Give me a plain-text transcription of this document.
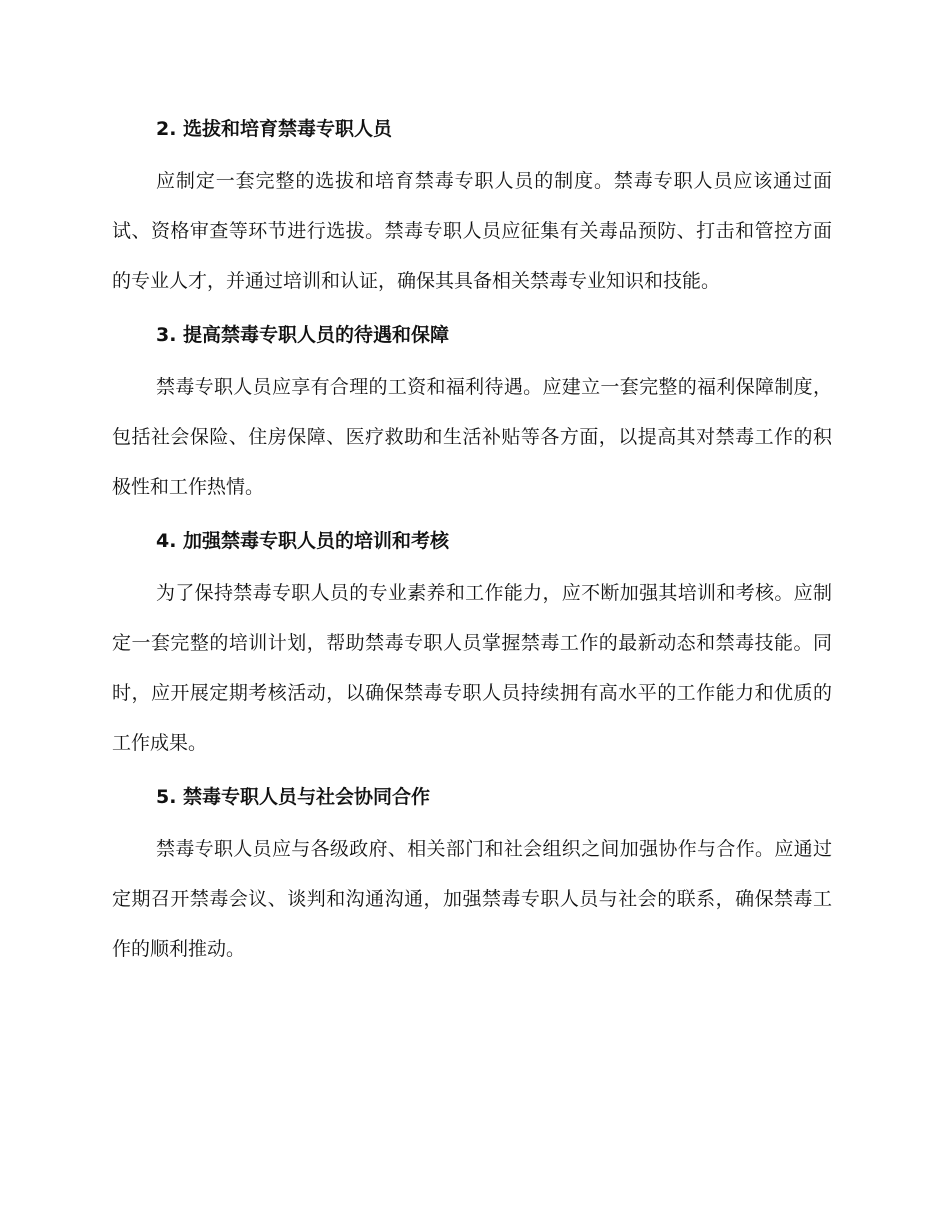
2. 选拔和培育禁毒专职人员

应制定一套完整的选拔和培育禁毒专职人员的制度。禁毒专职人员应该通过面试、资格审查等环节进行选拔。禁毒专职人员应征集有关毒品预防、打击和管控方面的专业人才，并通过培训和认证，确保其具备相关禁毒专业知识和技能。

3. 提高禁毒专职人员的待遇和保障

禁毒专职人员应享有合理的工资和福利待遇。应建立一套完整的福利保障制度，包括社会保险、住房保障、医疗救助和生活补贴等各方面，以提高其对禁毒工作的积极性和工作热情。

4. 加强禁毒专职人员的培训和考核

为了保持禁毒专职人员的专业素养和工作能力，应不断加强其培训和考核。应制定一套完整的培训计划，帮助禁毒专职人员掌握禁毒工作的最新动态和禁毒技能。同时，应开展定期考核活动，以确保禁毒专职人员持续拥有高水平的工作能力和优质的工作成果。

5. 禁毒专职人员与社会协同合作

禁毒专职人员应与各级政府、相关部门和社会组织之间加强协作与合作。应通过定期召开禁毒会议、谈判和沟通沟通，加强禁毒专职人员与社会的联系，确保禁毒工作的顺利推动。
